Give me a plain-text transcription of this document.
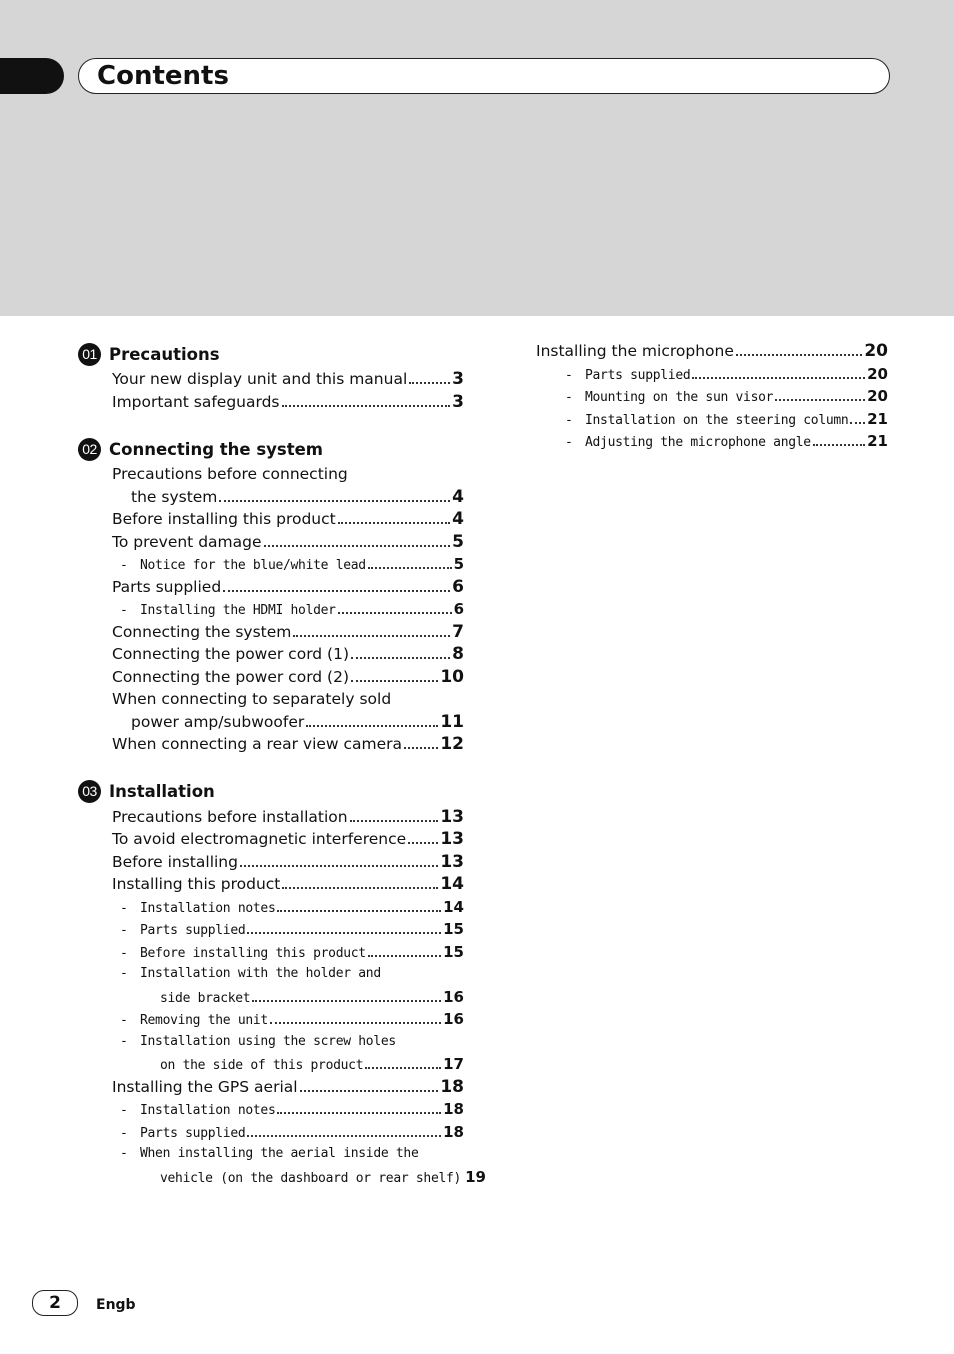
Contents
01 Precautions
Your new display unit and this manual	3
Important safeguards	3
02 Connecting the system
Precautions before connecting
the system	4
Before installing this product	4
To prevent damage	5
- Notice for the blue/white lead	5
Parts supplied	6
- Installing the HDMI holder	6
Connecting the system	7
Connecting the power cord (1)	8
Connecting the power cord (2)	10
When connecting to separately sold
power amp/subwoofer	11
When connecting a rear view camera 12
03 Installation
Precautions before installation	13
To avoid electromagnetic interference 13
Before installing	13
Installing this product	14
- Installation notes	14
- Parts supplied	15
- Before installing this product	15
- Installation with the holder and
side bracket	16
- Removing the unit	16
- Installation using the screw holes
on the side of this product	17
Installing the GPS aerial	18
- Installation notes	18
- Parts supplied	18
- When installing the aerial inside the
vehicle (on the dashboard or rear shelf) 19
Installing the microphone	20
- Parts supplied	20
- Mounting on the sun visor	20
- Installation on the steering column 21
- Adjusting the microphone angle	21
2	Engb
